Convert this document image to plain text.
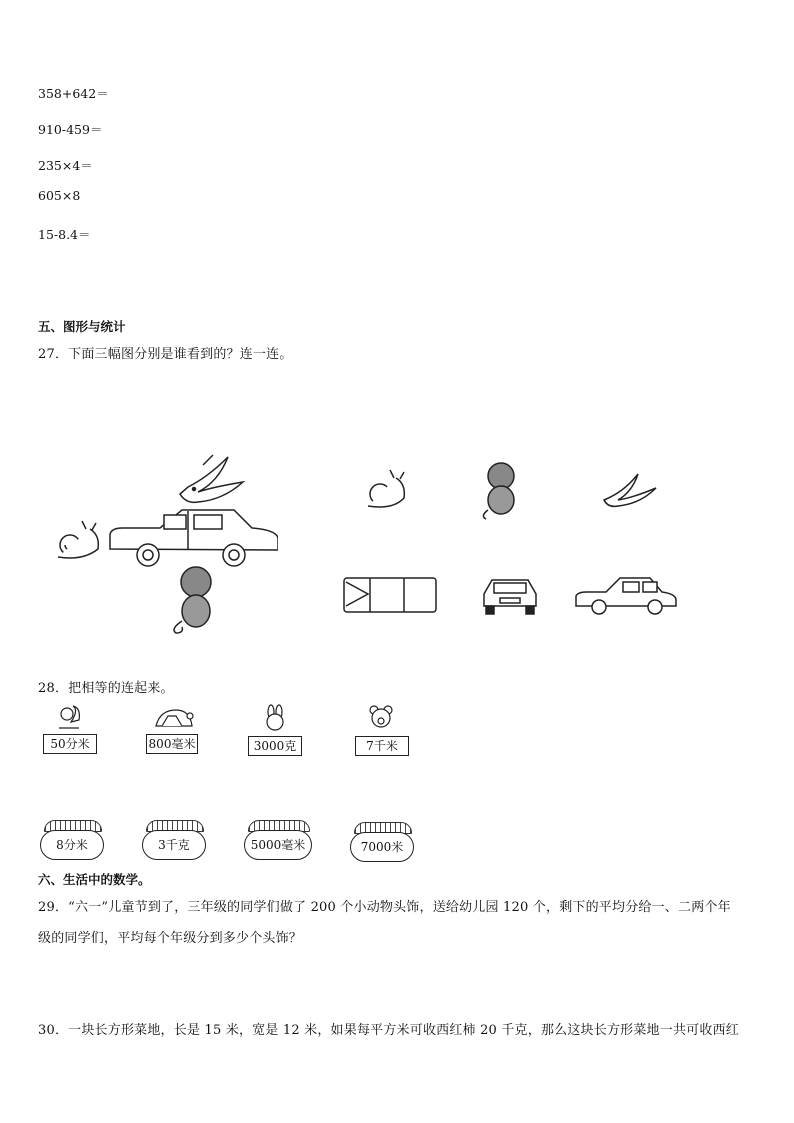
358+642＝
910-459＝
235×4＝
605×8
15-8.4＝
五、图形与统计
27．下面三幅图分别是谁看到的？连一连。
28．把相等的连起来。
50分米	800毫米	3000克	7千米
8分米	3千克	5000毫米	7000米
六、生活中的数学。
29．“六一”儿童节到了，三年级的同学们做了 200 个小动物头饰，送给幼儿园 120 个，剩下的平均分给一、二两个年
级的同学们，平均每个年级分到多少个头饰？
30．一块长方形菜地，长是 15 米，宽是 12 米，如果每平方米可收西红柿 20 千克，那么这块长方形菜地一共可收西红
